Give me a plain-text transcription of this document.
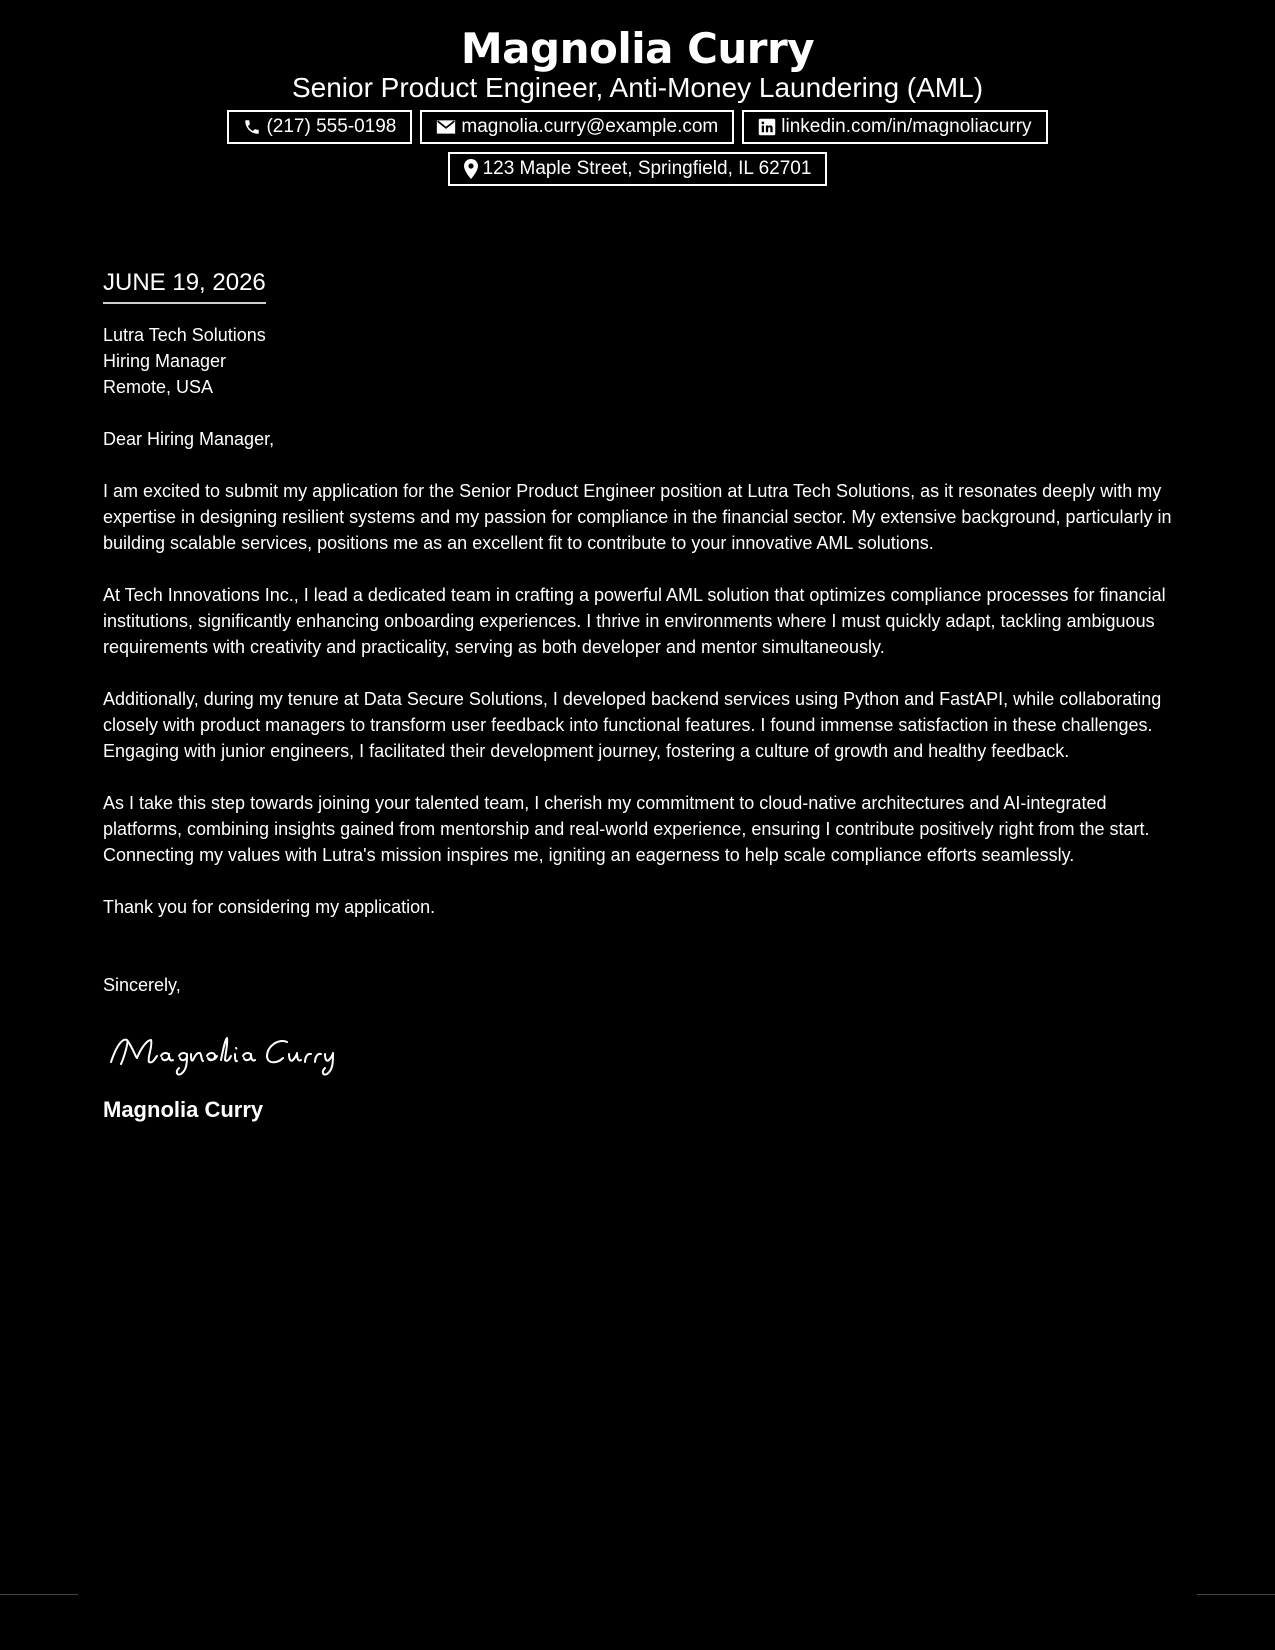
Magnolia Curry
Senior Product Engineer, Anti-Money Laundering (AML)
(217) 555-0198	magnolia.curry@example.com	linkedin.com/in/magnoliacurry
123 Maple Street, Springfield, IL 62701
JUNE 19, 2026
Lutra Tech Solutions
Hiring Manager
Remote, USA
Dear Hiring Manager,

I am excited to submit my application for the Senior Product Engineer position at Lutra Tech Solutions, as it resonates deeply with my expertise in designing resilient systems and my passion for compliance in the financial sector. My extensive background, particularly in building scalable services, positions me as an excellent fit to contribute to your innovative AML solutions.

At Tech Innovations Inc., I lead a dedicated team in crafting a powerful AML solution that optimizes compliance processes for financial institutions, significantly enhancing onboarding experiences. I thrive in environments where I must quickly adapt, tackling ambiguous requirements with creativity and practicality, serving as both developer and mentor simultaneously.

Additionally, during my tenure at Data Secure Solutions, I developed backend services using Python and FastAPI, while collaborating closely with product managers to transform user feedback into functional features. I found immense satisfaction in these challenges. Engaging with junior engineers, I facilitated their development journey, fostering a culture of growth and healthy feedback.

As I take this step towards joining your talented team, I cherish my commitment to cloud-native architectures and AI-integrated platforms, combining insights gained from mentorship and real-world experience, ensuring I contribute positively right from the start. Connecting my values with Lutra's mission inspires me, igniting an eagerness to help scale compliance efforts seamlessly.

Thank you for considering my application.

Sincerely,
Magnolia Curry
